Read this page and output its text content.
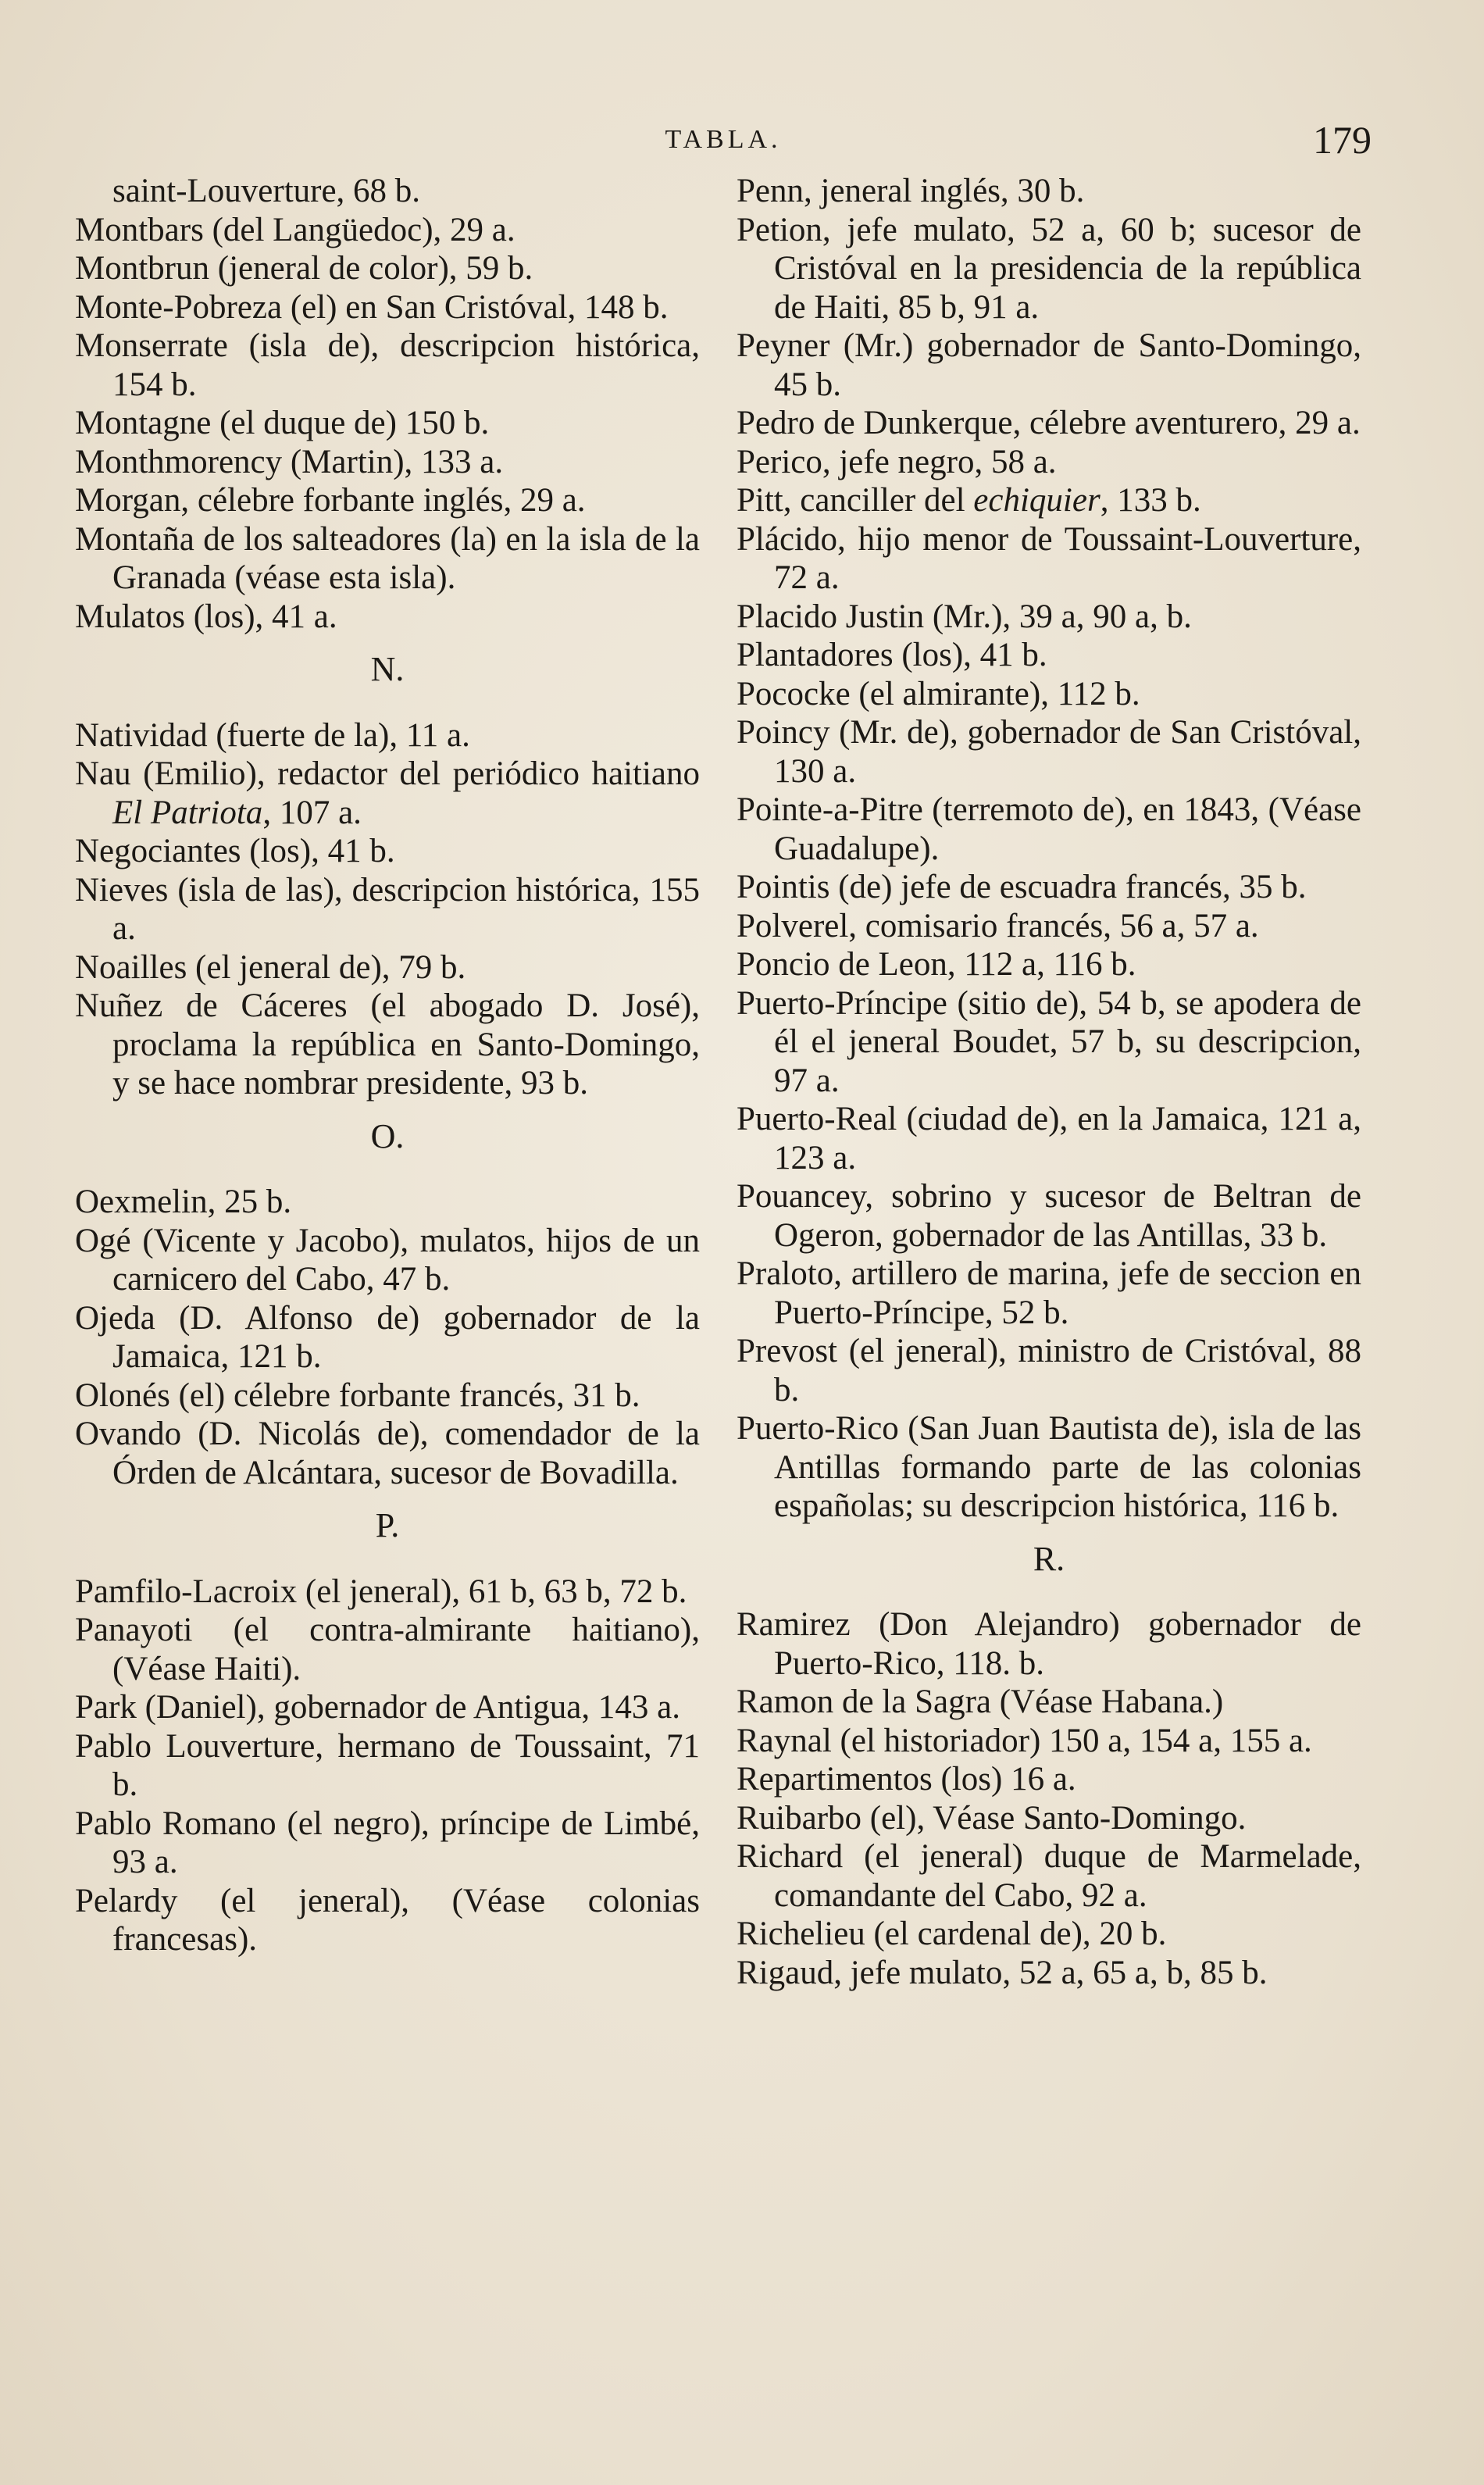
TABLA.	179

saint-Louverture, 68 b.

Montbars (del Langüedoc), 29 a.

Montbrun (jeneral de color), 59 b.

Monte-Pobreza (el) en San Cristóval, 148 b.

Monserrate (isla de), descripcion histórica, 154 b.

Montagne (el duque de) 150 b.

Monthmorency (Martin), 133 a.

Morgan, célebre forbante inglés, 29 a.

Montaña de los salteadores (la) en la isla de la Granada (véase esta isla).

Mulatos (los), 41 a.

N.

Natividad (fuerte de la), 11 a.

Nau (Emilio), redactor del periódico haitiano El Patriota, 107 a.

Negociantes (los), 41 b.

Nieves (isla de las), descripcion histórica, 155 a.

Noailles (el jeneral de), 79 b.

Nuñez de Cáceres (el abogado D. José), proclama la república en Santo-Domingo, y se hace nombrar presidente, 93 b.

O.

Oexmelin, 25 b.

Ogé (Vicente y Jacobo), mulatos, hijos de un carnicero del Cabo, 47 b.

Ojeda (D. Alfonso de) gobernador de la Jamaica, 121 b.

Olonés (el) célebre forbante francés, 31 b.

Ovando (D. Nicolás de), comendador de la Órden de Alcántara, sucesor de Bovadilla.

P.

Pamfilo-Lacroix (el jeneral), 61 b, 63 b, 72 b.

Panayoti (el contra-almirante haitiano), (Véase Haiti).

Park (Daniel), gobernador de Antigua, 143 a.

Pablo Louverture, hermano de Toussaint, 71 b.

Pablo Romano (el negro), príncipe de Limbé, 93 a.

Pelardy (el jeneral), (Véase colonias francesas).

Penn, jeneral inglés, 30 b.

Petion, jefe mulato, 52 a, 60 b; sucesor de Cristóval en la presidencia de la república de Haiti, 85 b, 91 a.

Peyner (Mr.) gobernador de Santo-Domingo, 45 b.

Pedro de Dunkerque, célebre aventurero, 29 a.

Perico, jefe negro, 58 a.

Pitt, canciller del echiquier, 133 b.

Plácido, hijo menor de Toussaint-Louverture, 72 a.

Placido Justin (Mr.), 39 a, 90 a, b.

Plantadores (los), 41 b.

Pococke (el almirante), 112 b.

Poincy (Mr. de), gobernador de San Cristóval, 130 a.

Pointe-a-Pitre (terremoto de), en 1843, (Véase Guadalupe).

Pointis (de) jefe de escuadra francés, 35 b.

Polverel, comisario francés, 56 a, 57 a.

Poncio de Leon, 112 a, 116 b.

Puerto-Príncipe (sitio de), 54 b, se apodera de él el jeneral Boudet, 57 b, su descripcion, 97 a.

Puerto-Real (ciudad de), en la Jamaica, 121 a, 123 a.

Pouancey, sobrino y sucesor de Beltran de Ogeron, gobernador de las Antillas, 33 b.

Praloto, artillero de marina, jefe de seccion en Puerto-Príncipe, 52 b.

Prevost (el jeneral), ministro de Cristóval, 88 b.

Puerto-Rico (San Juan Bautista de), isla de las Antillas formando parte de las colonias españolas; su descripcion histórica, 116 b.

R.

Ramirez (Don Alejandro) gobernador de Puerto-Rico, 118. b.

Ramon de la Sagra (Véase Habana.)

Raynal (el historiador) 150 a, 154 a, 155 a.

Repartimentos (los) 16 a.

Ruibarbo (el), Véase Santo-Domingo.

Richard (el jeneral) duque de Marmelade, comandante del Cabo, 92 a.

Richelieu (el cardenal de), 20 b.

Rigaud, jefe mulato, 52 a, 65 a, b, 85 b.
